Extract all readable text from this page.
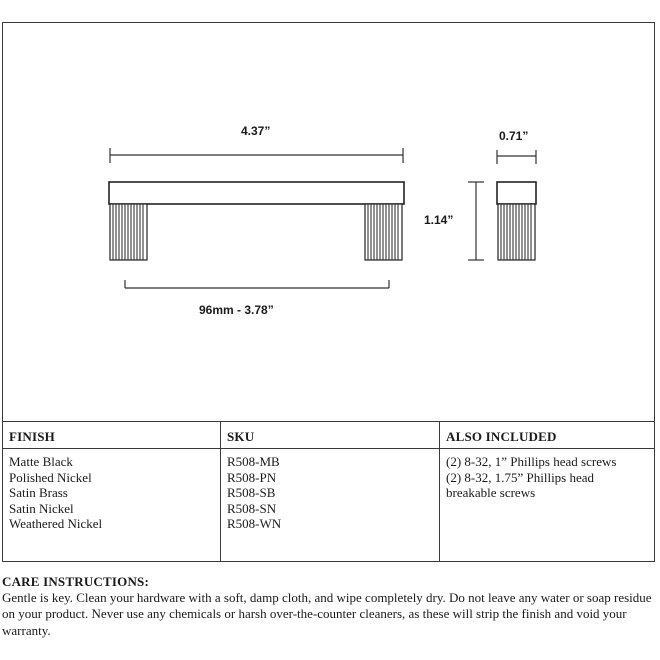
4.37”
96mm - 3.78”
0.71”
1.14”
FINISH
Matte Black
Polished Nickel
Satin Brass
Satin Nickel
Weathered Nickel
SKU
R508-MB
R508-PN
R508-SB
R508-SN
R508-WN
ALSO INCLUDED
(2) 8-32, 1” Phillips head screws
(2) 8-32, 1.75” Phillips head
breakable screws
CARE INSTRUCTIONS:

Gentle is key. Clean your hardware with a soft, damp cloth, and wipe completely dry. Do not leave any water or soap residue on your product. Never use any chemicals or harsh over-the-counter cleaners, as these will strip the finish and void your warranty.
